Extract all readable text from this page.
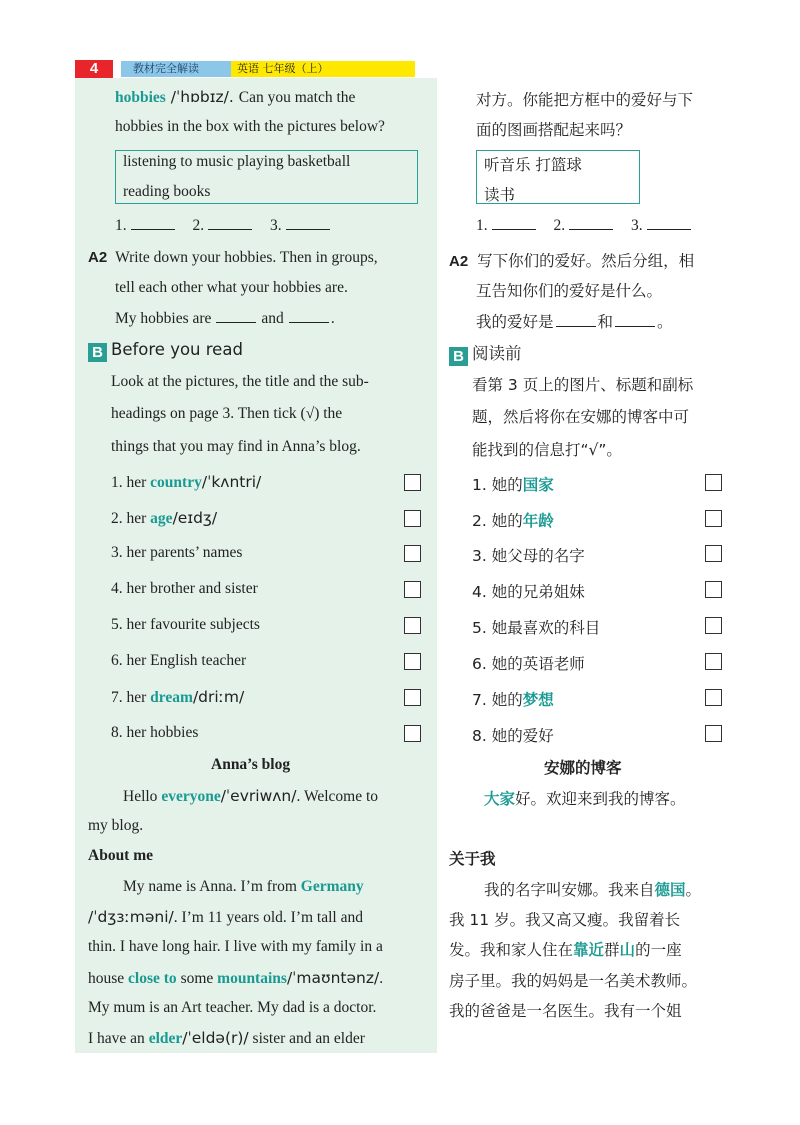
4	教材完全解读	英语 七年级（上）
hobbies /ˈhɒbɪz/. Can you match the
hobbies in the box with the pictures below?
listening to music playing basketball
reading books
1.	2.	3.
A2 Write down your hobbies. Then in groups,
tell each other what your hobbies are.
My hobbies are	and	.
B Before you read
Look at the pictures, the title and the sub-
headings on page 3. Then tick (√) the
things that you may find in Anna’s blog.
1. her country/ˈkʌntri/
2. her age/eɪdʒ/
3. her parents’ names
4. her brother and sister
5. her favourite subjects
6. her English teacher
7. her dream/driːm/
8. her hobbies
Anna’s blog
Hello everyone/ˈevriwʌn/. Welcome to
my blog.
About me
My name is Anna. I’m from Germany
/ˈdʒɜːməni/. I’m 11 years old. I’m tall and
thin. I have long hair. I live with my family in a
house close to some mountains/ˈmaʊntənz/.
My mum is an Art teacher. My dad is a doctor.
I have an elder/ˈeldə(r)/ sister and an elder
对方。你能把方框中的爱好与下
面的图画搭配起来吗？
听音乐 打篮球
读书
1.	2.	3.
A2 写下你们的爱好。然后分组，相
互告知你们的爱好是什么。
我的爱好是	和	。
B 阅读前
看第 3 页上的图片、标题和副标
题，然后将你在安娜的博客中可
能找到的信息打“√”。
1. 她的国家
2. 她的年龄
3. 她父母的名字
4. 她的兄弟姐妹
5. 她最喜欢的科目
6. 她的英语老师
7. 她的梦想
8. 她的爱好
安娜的博客
大家好。欢迎来到我的博客。
关于我
我的名字叫安娜。我来自德国。
我 11 岁。我又高又瘦。我留着长
发。我和家人住在靠近群山的一座
房子里。我的妈妈是一名美术教师。
我的爸爸是一名医生。我有一个姐
